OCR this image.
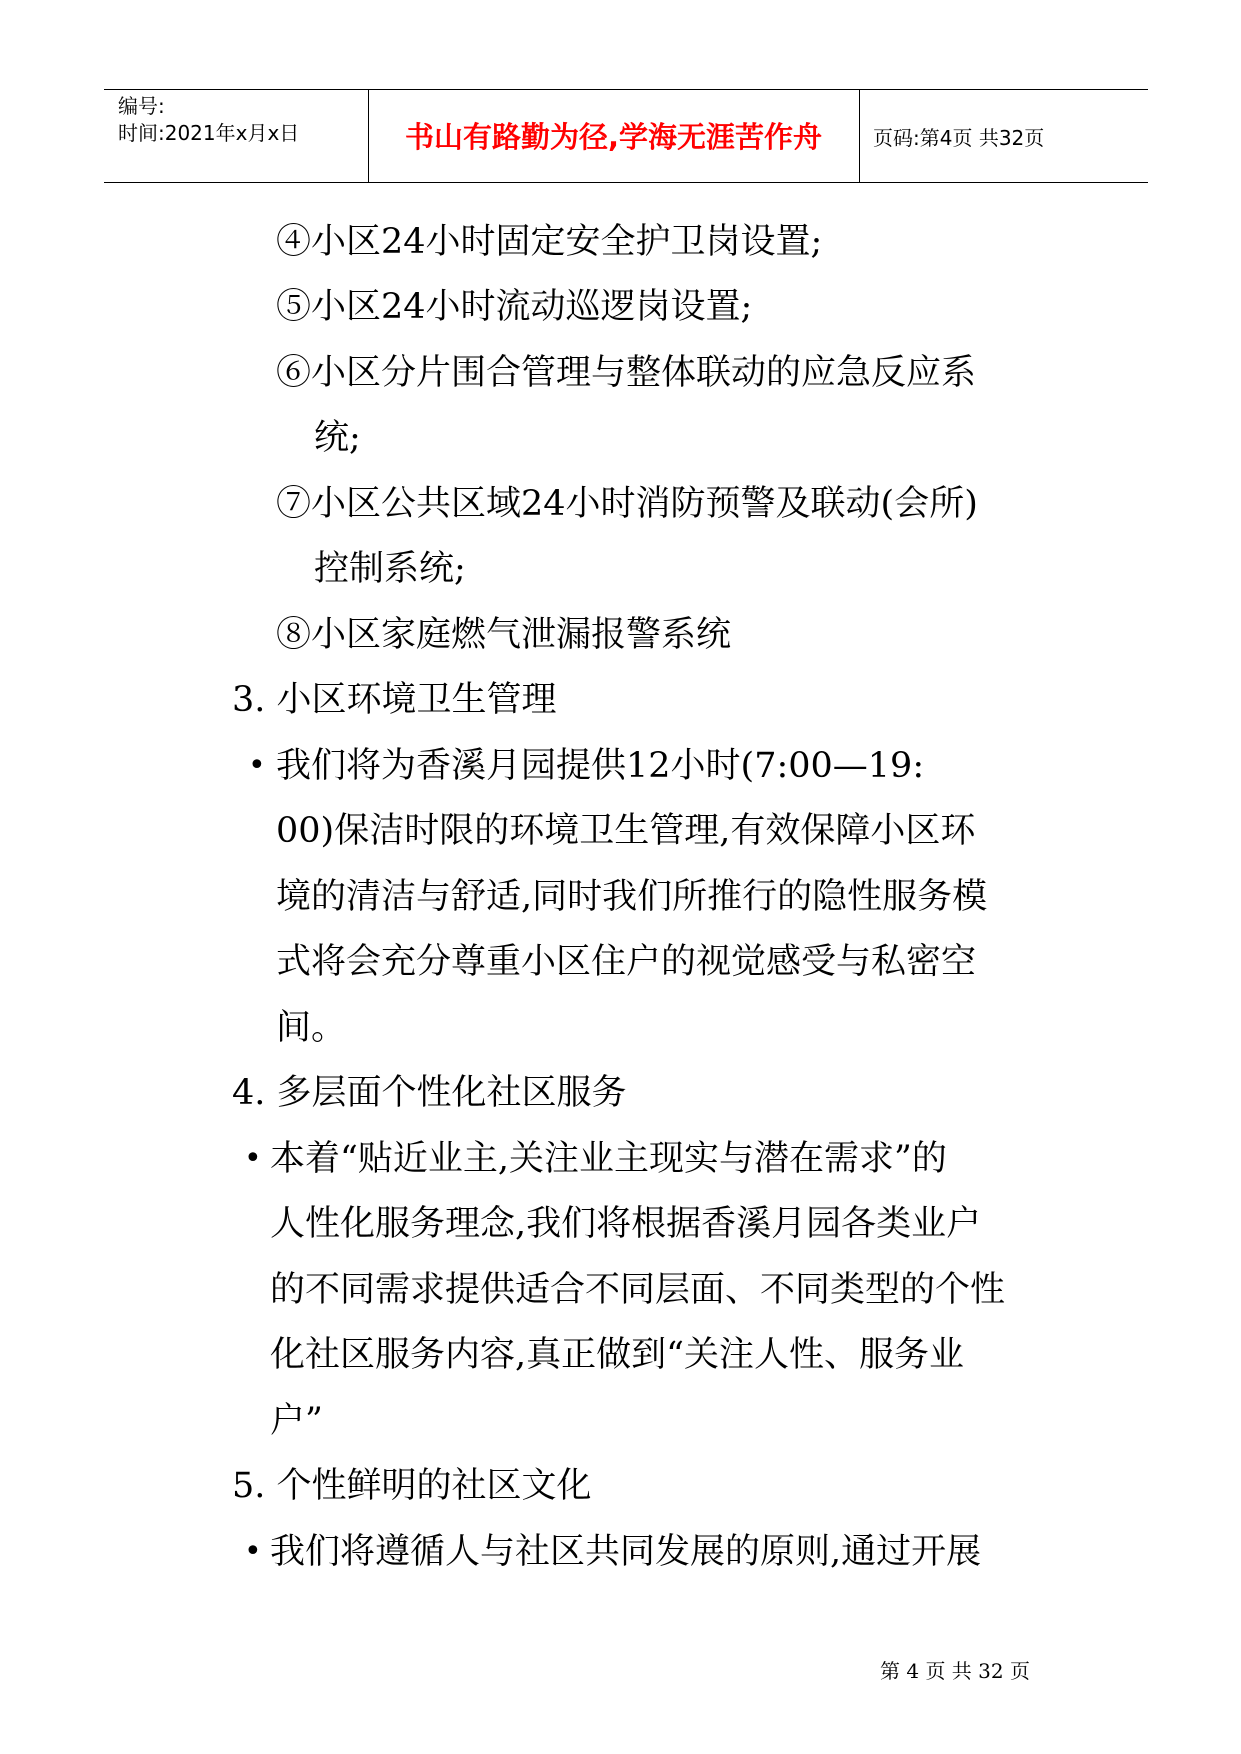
编号:
时间:2021年x月x日	书山有路勤为径,学海无涯苦作舟	页码:第4页 共32页
④小区24小时固定安全护卫岗设置;
⑤小区24小时流动巡逻岗设置;
⑥小区分片围合管理与整体联动的应急反应系
统;
⑦小区公共区域24小时消防预警及联动(会所)
控制系统;
⑧小区家庭燃气泄漏报警系统
3. 小区环境卫生管理
• 我们将为香溪月园提供12小时(7:00—19:
00)保洁时限的环境卫生管理,有效保障小区环
境的清洁与舒适,同时我们所推行的隐性服务模
式将会充分尊重小区住户的视觉感受与私密空
间。
4. 多层面个性化社区服务
• 本着“贴近业主,关注业主现实与潜在需求”的
人性化服务理念,我们将根据香溪月园各类业户
的不同需求提供适合不同层面、不同类型的个性
化社区服务内容,真正做到“关注人性、服务业
户”
5. 个性鲜明的社区文化
• 我们将遵循人与社区共同发展的原则,通过开展
第 4 页 共 32 页
